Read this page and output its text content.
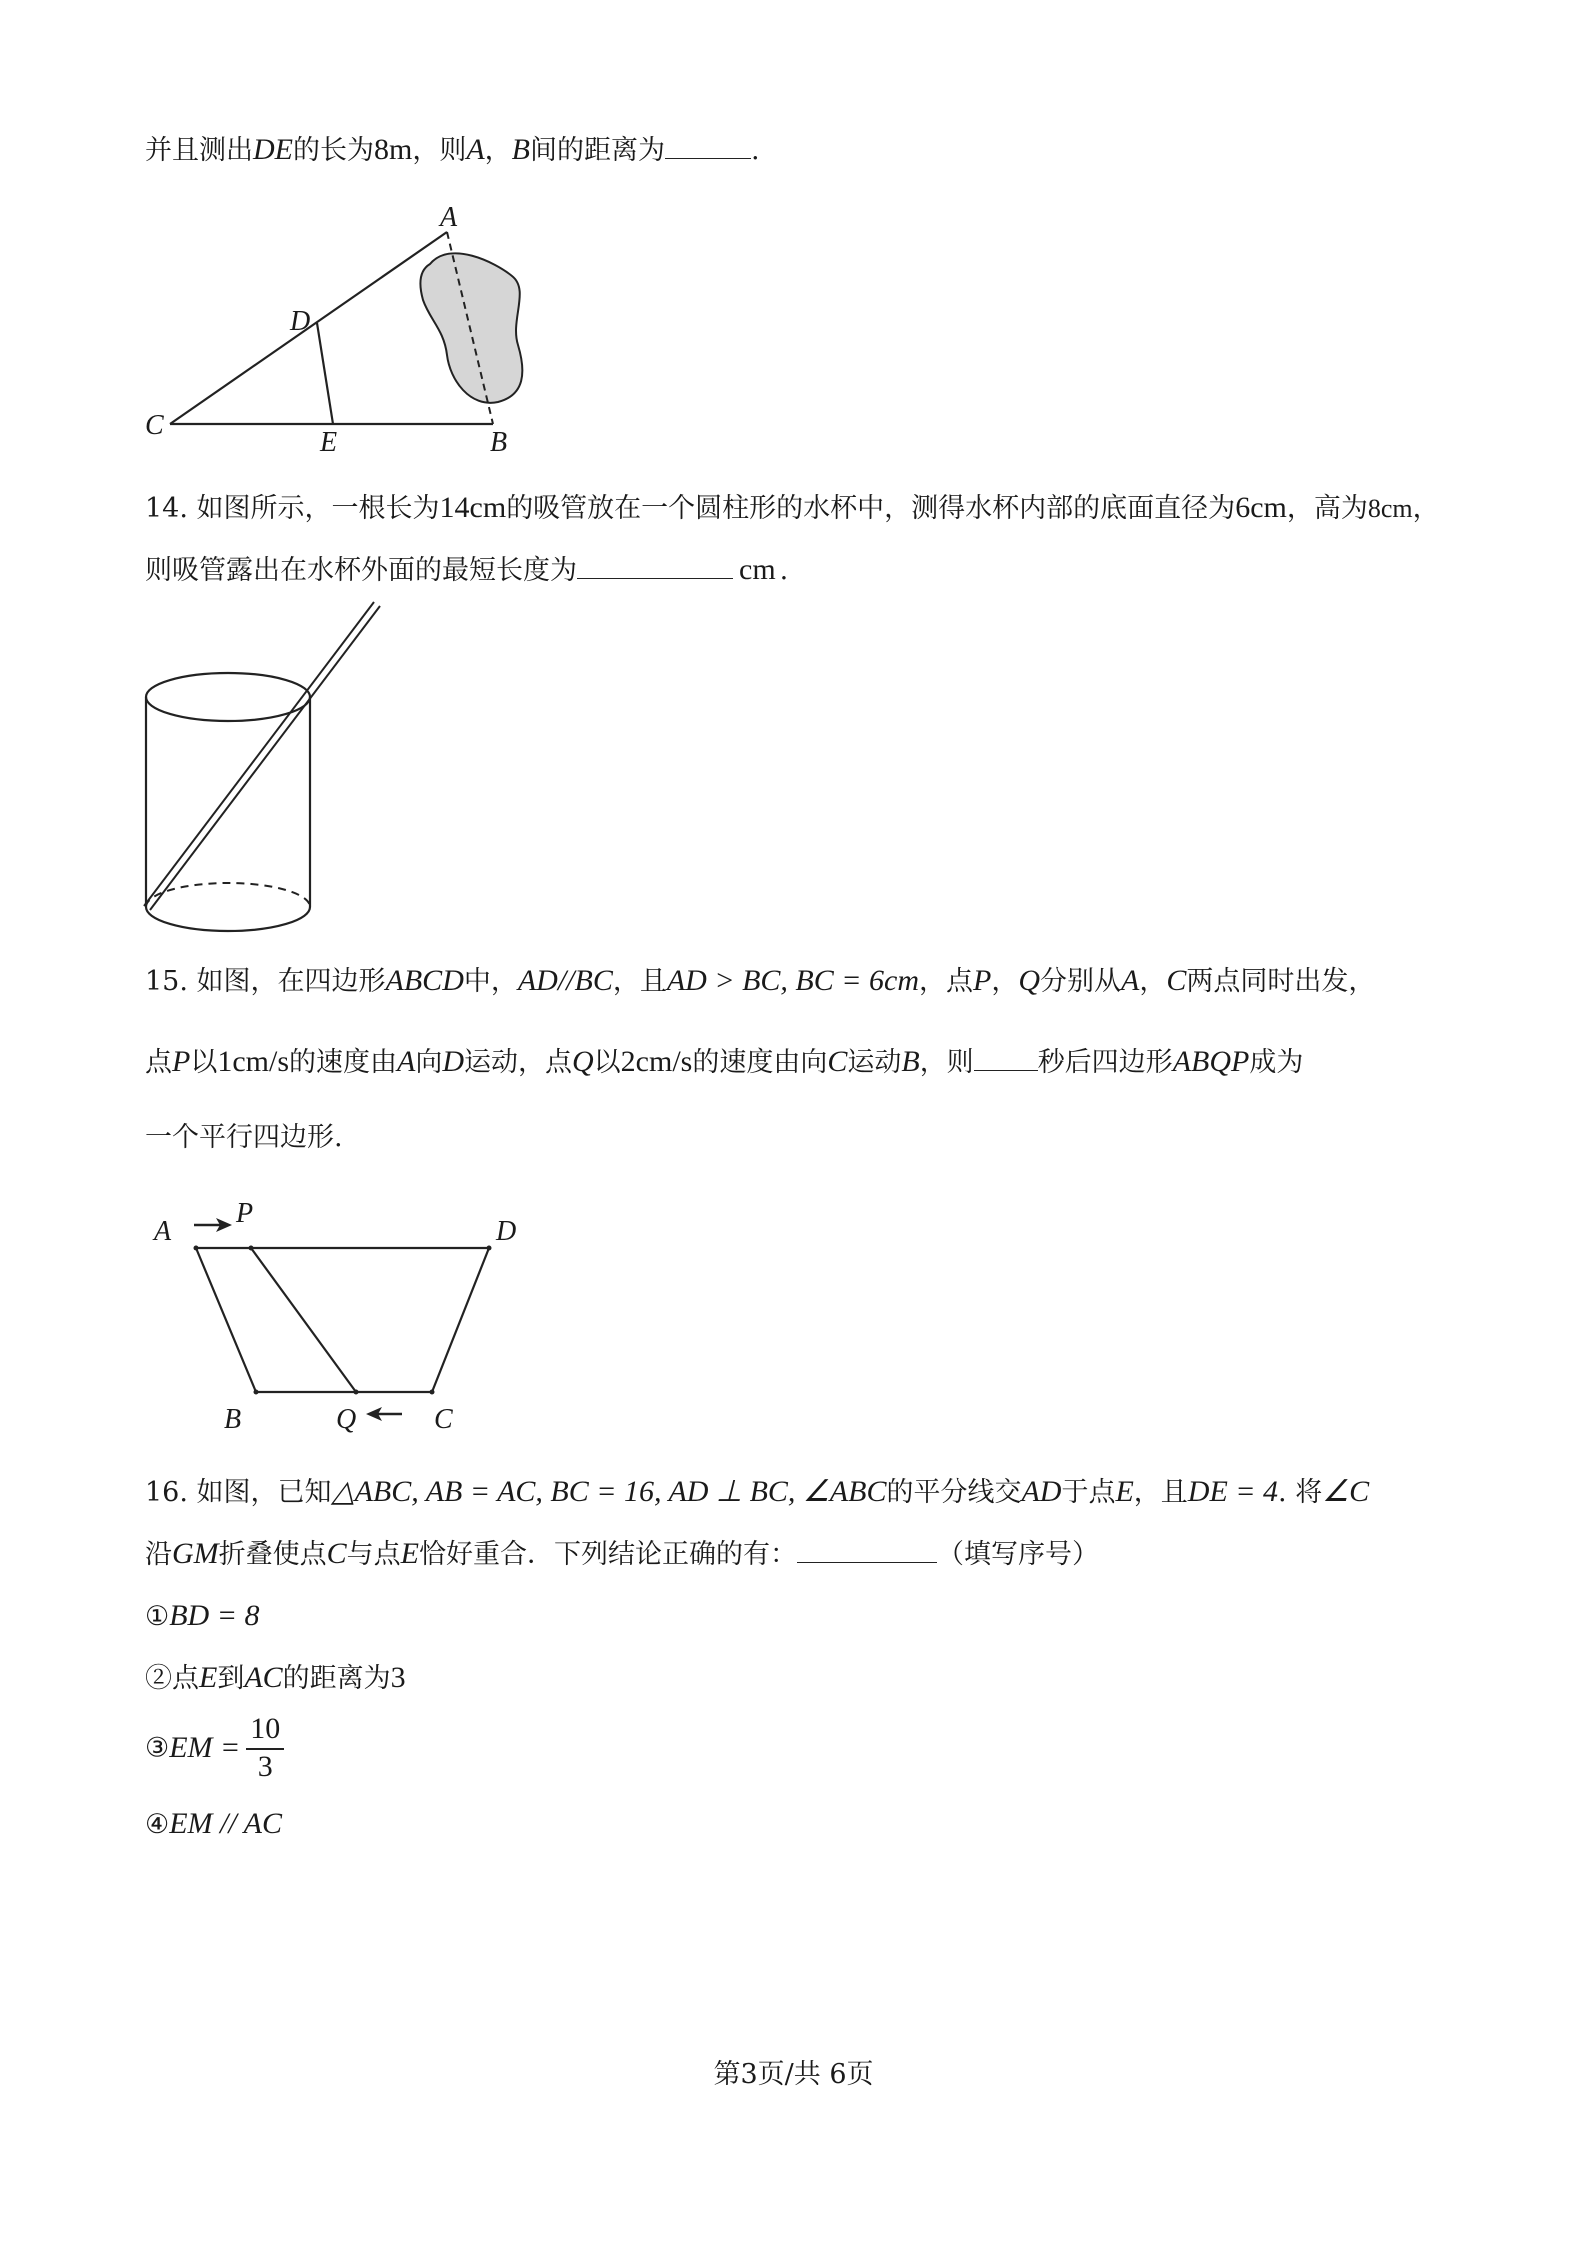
并且测出DE的长为8m，则A，B间的距离为	.
A
D
C
E	B
14. 如图所示，一根长为14cm的吸管放在一个圆柱形的水杯中，测得水杯内部的底面直径为6cm，高为8cm，
则吸管露出在水杯外面的最短长度为	cm .
15. 如图，在四边形ABCD中，AD//BC，且AD > BC, BC = 6cm，点P，Q分别从A，C两点同时出发，
点P以1cm/s的速度由A向D运动，点Q以2cm/s的速度由向C运动B，则 秒后四边形ABQP成为
一个平行四边形.
A
P
D
B	Q	C
16. 如图，已知△ABC, AB = AC, BC = 16, AD ⊥ BC, ∠ABC的平分线交AD于点E，且DE = 4. 将∠C
沿GM折叠使点C与点E恰好重合．下列结论正确的有：	（填写序号）
①BD = 8
②点E到AC的距离为3
③EM = $\frac{10}{3}$
④EM // AC
第3页/共 6页
